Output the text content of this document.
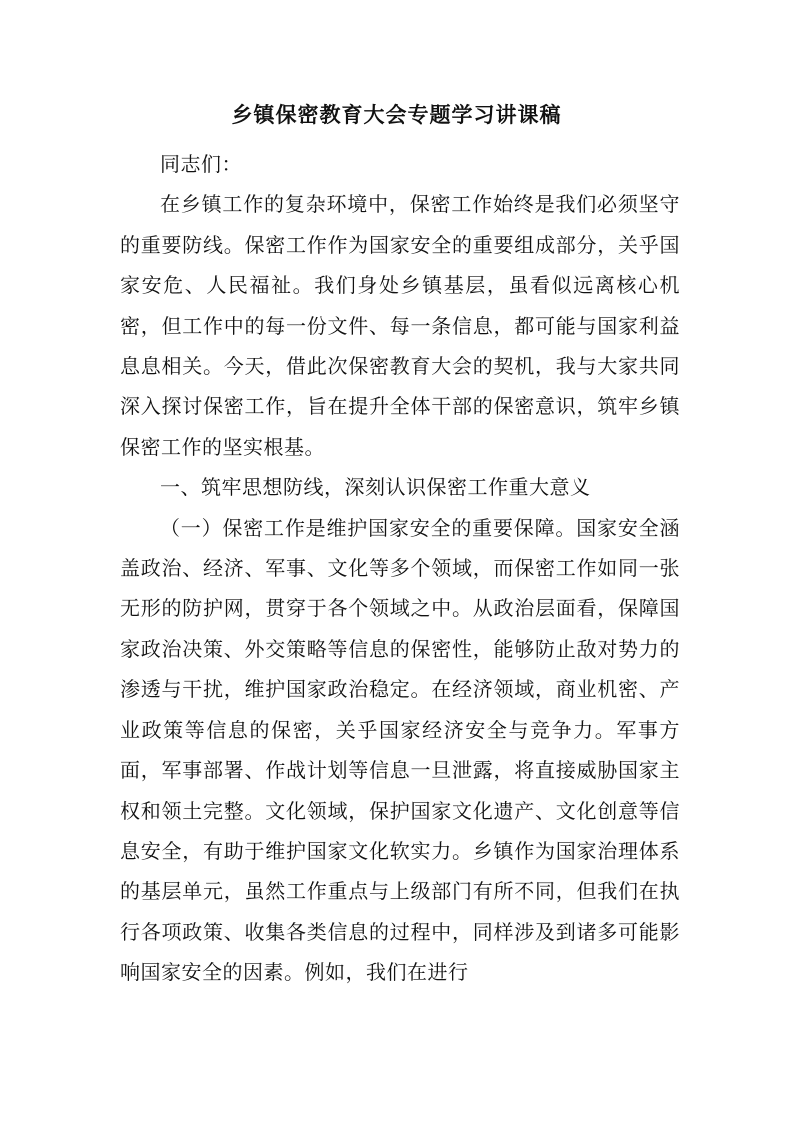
乡镇保密教育大会专题学习讲课稿

同志们：

在乡镇工作的复杂环境中，保密工作始终是我们必须坚守的重要防线。保密工作作为国家安全的重要组成部分，关乎国家安危、人民福祉。我们身处乡镇基层，虽看似远离核心机密，但工作中的每一份文件、每一条信息，都可能与国家利益息息相关。今天，借此次保密教育大会的契机，我与大家共同深入探讨保密工作，旨在提升全体干部的保密意识，筑牢乡镇保密工作的坚实根基。

一、筑牢思想防线，深刻认识保密工作重大意义

（一）保密工作是维护国家安全的重要保障。国家安全涵盖政治、经济、军事、文化等多个领域，而保密工作如同一张无形的防护网，贯穿于各个领域之中。从政治层面看，保障国家政治决策、外交策略等信息的保密性，能够防止敌对势力的渗透与干扰，维护国家政治稳定。在经济领域，商业机密、产业政策等信息的保密，关乎国家经济安全与竞争力。军事方面，军事部署、作战计划等信息一旦泄露，将直接威胁国家主权和领土完整。文化领域，保护国家文化遗产、文化创意等信息安全，有助于维护国家文化软实力。乡镇作为国家治理体系的基层单元，虽然工作重点与上级部门有所不同，但我们在执行各项政策、收集各类信息的过程中，同样涉及到诸多可能影响国家安全的因素。例如，我们在进行
